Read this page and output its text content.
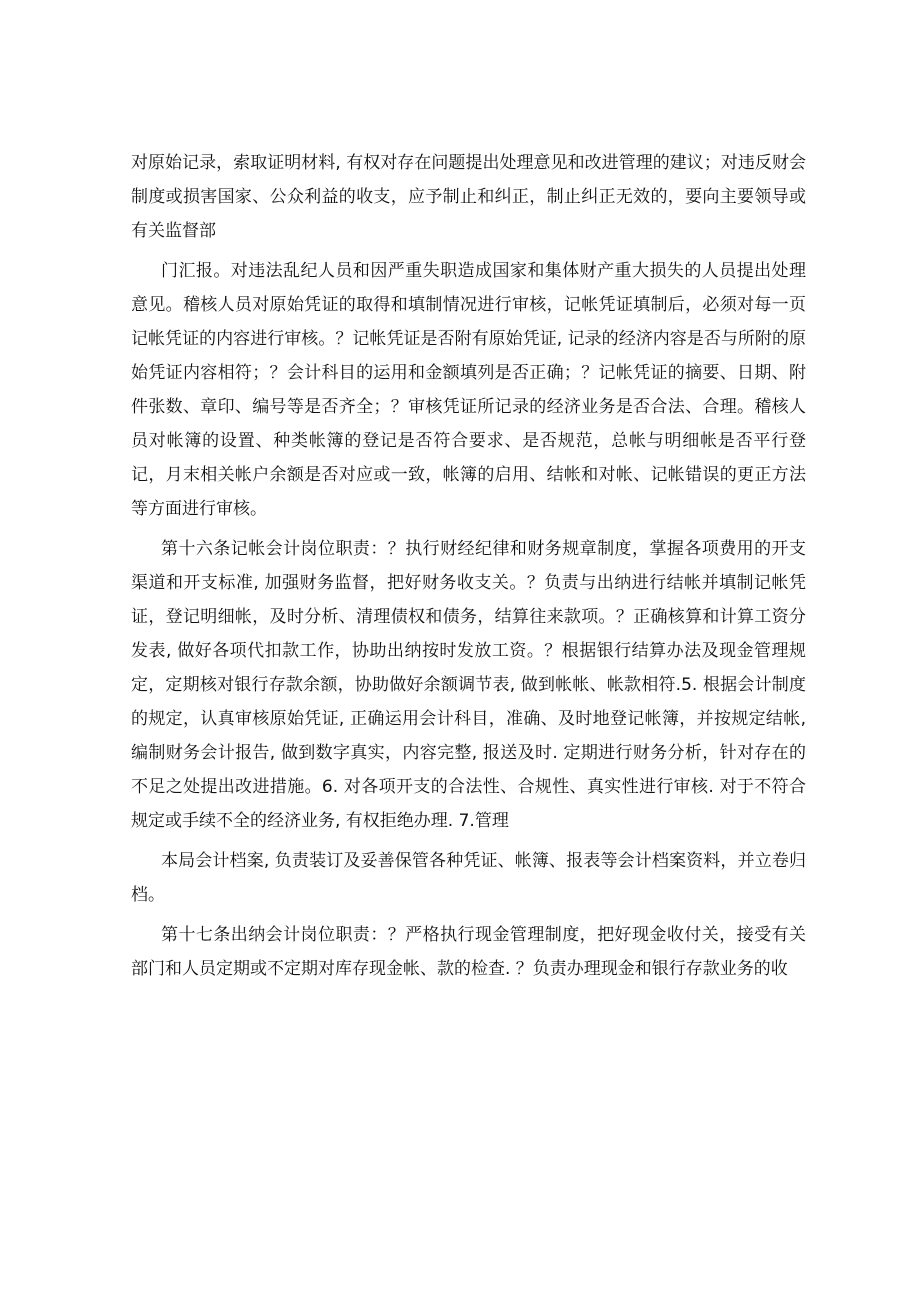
对原始记录，索取证明材料, 有权对存在问题提出处理意见和改进管理的建议；对违反财会制度或损害国家、公众利益的收支，应予制止和纠正，制止纠正无效的，要向主要领导或有关监督部

门汇报。对违法乱纪人员和因严重失职造成国家和集体财产重大损失的人员提出处理意见。稽核人员对原始凭证的取得和填制情况进行审核，记帐凭证填制后，必须对每一页记帐凭证的内容进行审核。？记帐凭证是否附有原始凭证, 记录的经济内容是否与所附的原始凭证内容相符；？会计科目的运用和金额填列是否正确；？记帐凭证的摘要、日期、附件张数、章印、编号等是否齐全；？审核凭证所记录的经济业务是否合法、合理。稽核人员对帐簿的设置、种类帐簿的登记是否符合要求、是否规范，总帐与明细帐是否平行登记，月末相关帐户余额是否对应或一致，帐簿的启用、结帐和对帐、记帐错误的更正方法等方面进行审核。

第十六条记帐会计岗位职责：？执行财经纪律和财务规章制度，掌握各项费用的开支渠道和开支标准, 加强财务监督，把好财务收支关。？负责与出纳进行结帐并填制记帐凭证，登记明细帐，及时分析、清理债权和债务，结算往来款项。？正确核算和计算工资分发表, 做好各项代扣款工作，协助出纳按时发放工资。？根据银行结算办法及现金管理规定，定期核对银行存款余额，协助做好余额调节表, 做到帐帐、帐款相符.5. 根据会计制度的规定，认真审核原始凭证, 正确运用会计科目，准确、及时地登记帐簿，并按规定结帐, 编制财务会计报告, 做到数字真实，内容完整, 报送及时. 定期进行财务分析，针对存在的不足之处提出改进措施。6. 对各项开支的合法性、合规性、真实性进行审核. 对于不符合规定或手续不全的经济业务, 有权拒绝办理. 7.管理

本局会计档案, 负责装订及妥善保管各种凭证、帐簿、报表等会计档案资料，并立卷归档。

第十七条出纳会计岗位职责：？严格执行现金管理制度，把好现金收付关，接受有关部门和人员定期或不定期对库存现金帐、款的检查. ？负责办理现金和银行存款业务的收
